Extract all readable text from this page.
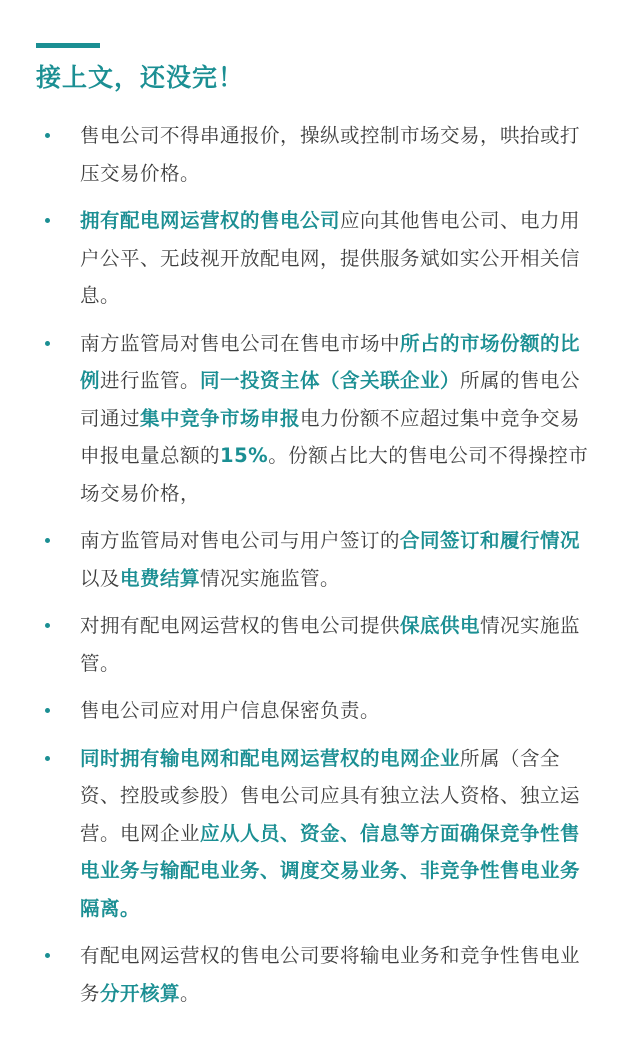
接上文，还没完！
售电公司不得串通报价，操纵或控制市场交易，哄抬或打压交易价格。
拥有配电网运营权的售电公司应向其他售电公司、电力用户公平、无歧视开放配电网，提供服务斌如实公开相关信息。
南方监管局对售电公司在售电市场中所占的市场份额的比例进行监管。同一投资主体（含关联企业）所属的售电公司通过集中竞争市场申报电力份额不应超过集中竞争交易申报电量总额的15%。份额占比大的售电公司不得操控市场交易价格，
南方监管局对售电公司与用户签订的合同签订和履行情况以及电费结算情况实施监管。
对拥有配电网运营权的售电公司提供保底供电情况实施监管。
售电公司应对用户信息保密负责。
同时拥有输电网和配电网运营权的电网企业所属（含全资、控股或参股）售电公司应具有独立法人资格、独立运营。电网企业应从人员、资金、信息等方面确保竞争性售电业务与输配电业务、调度交易业务、非竞争性售电业务隔离。
有配电网运营权的售电公司要将输电业务和竞争性售电业务分开核算。
